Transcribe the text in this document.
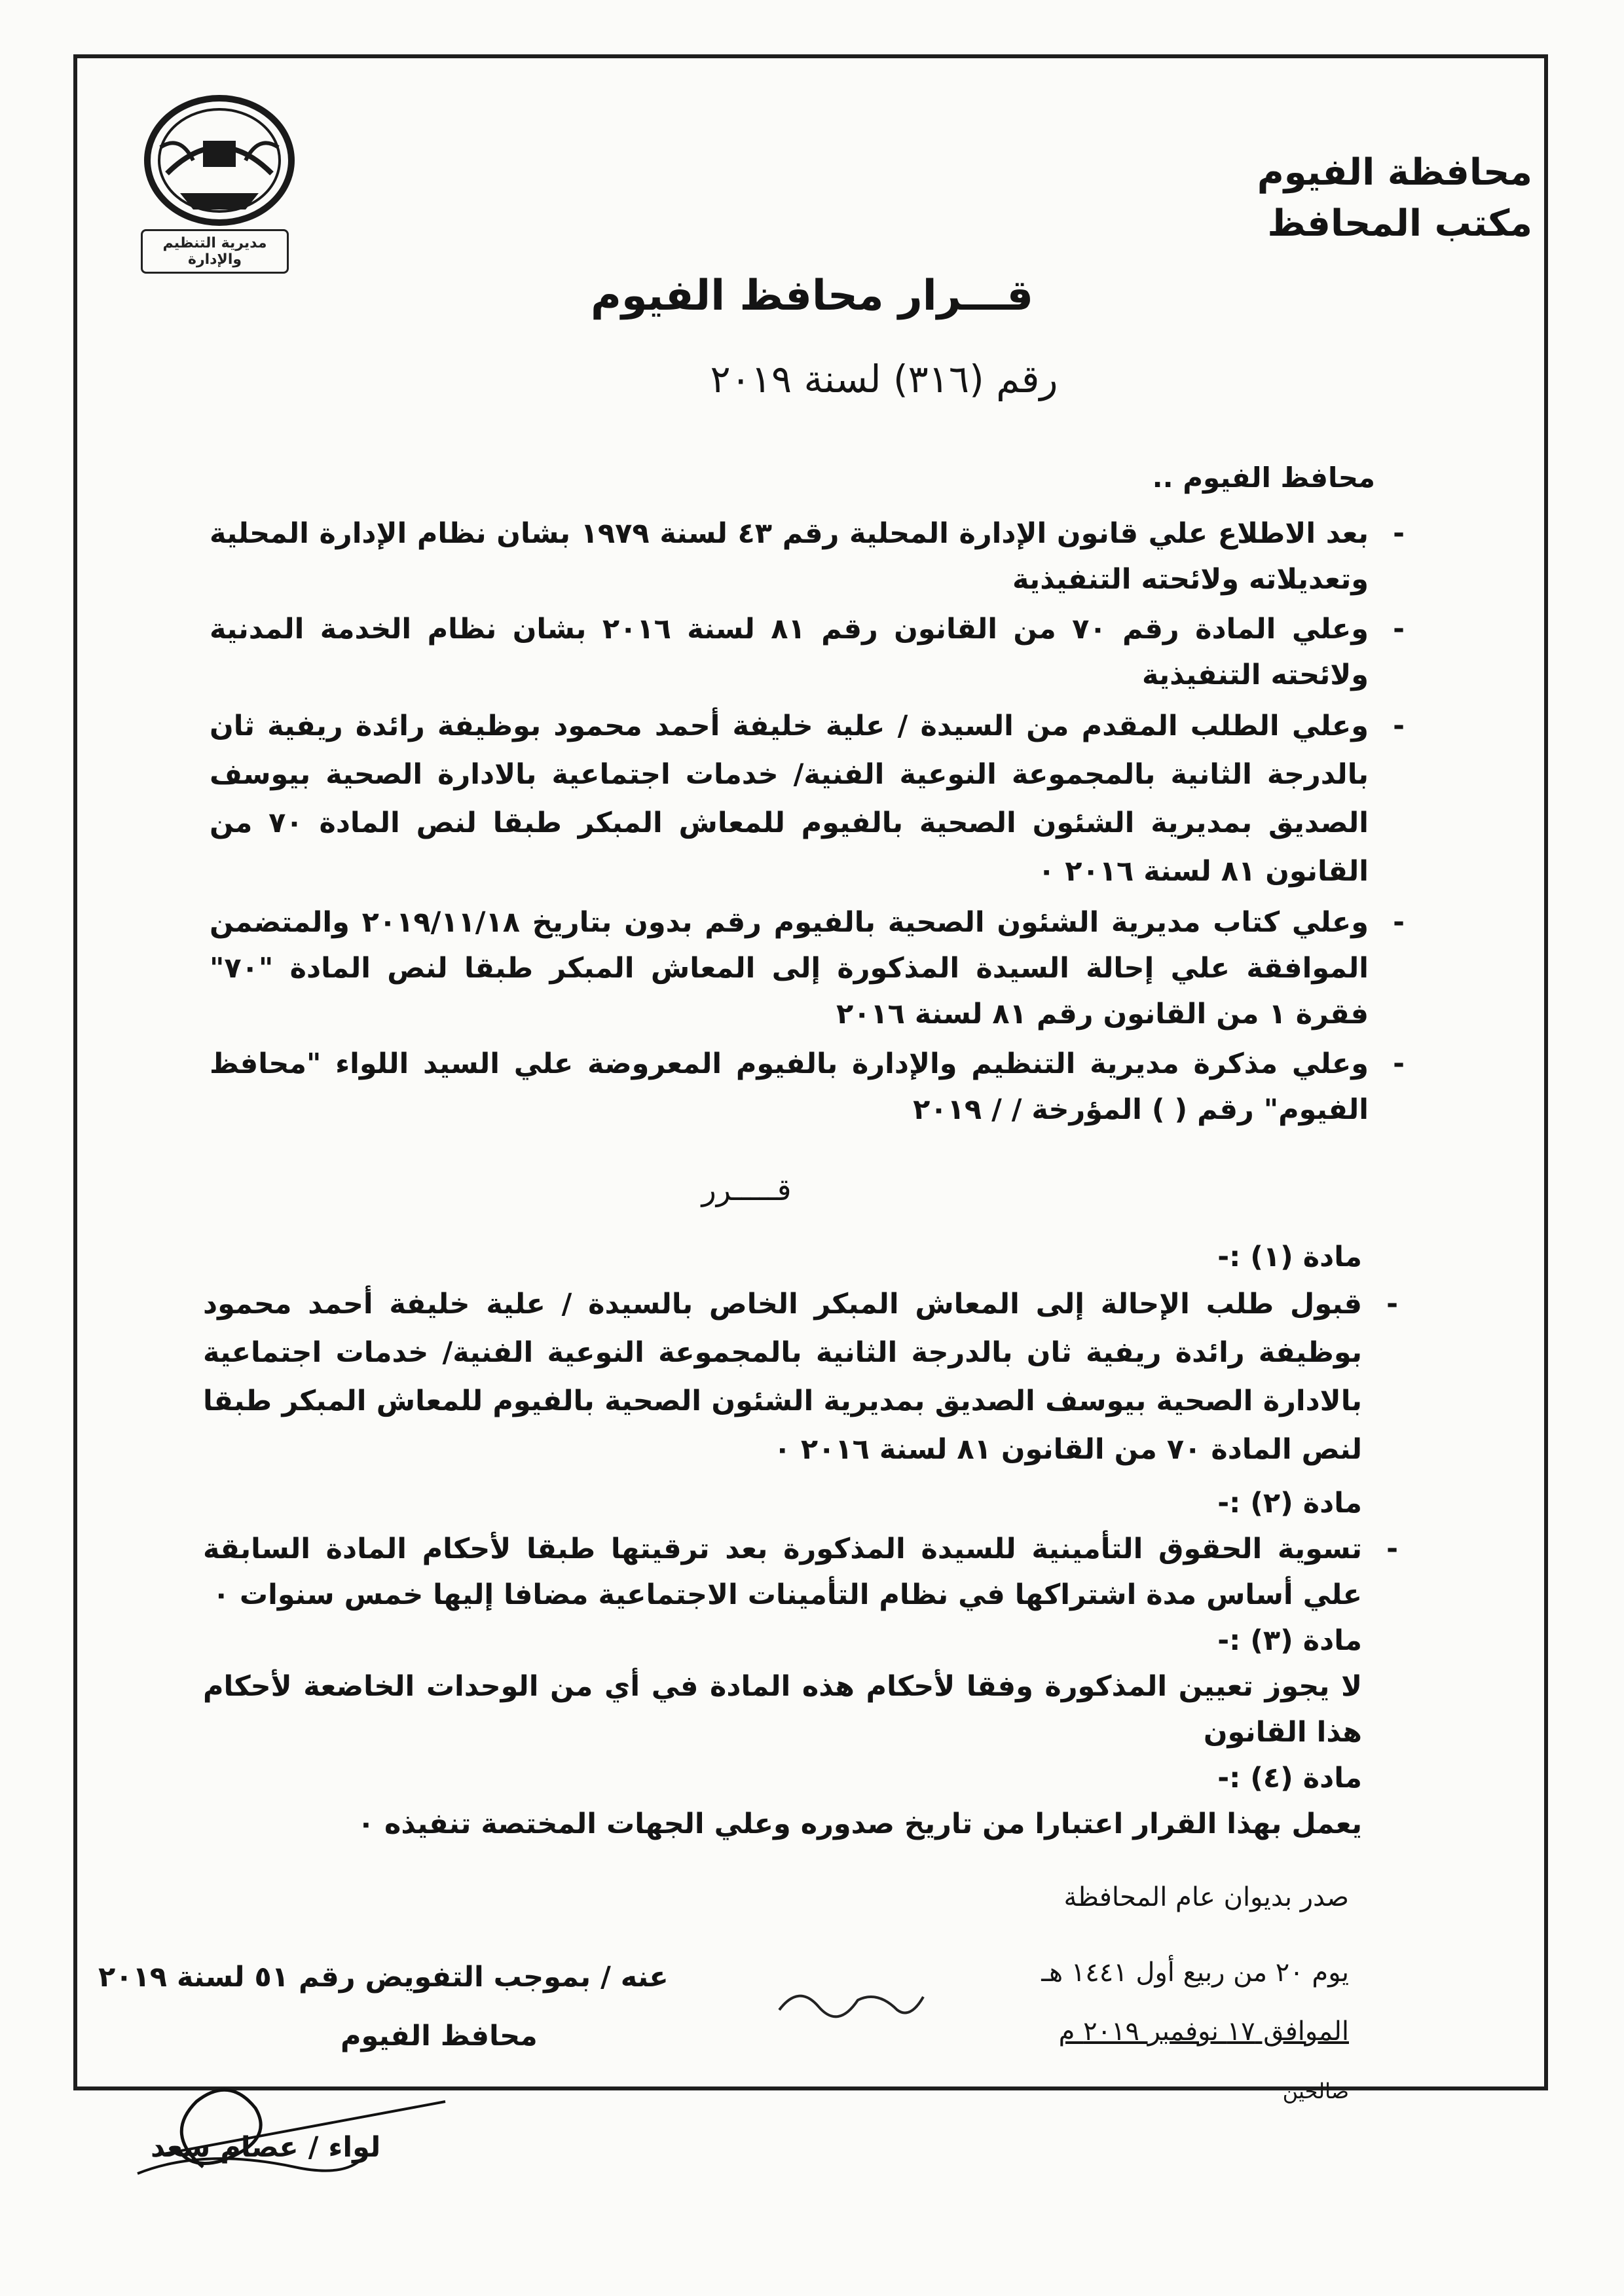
مديرية التنظيم والإدارة
محافظة الفيوم
مكتب المحافظ
قـــرار محافظ الفيوم
رقم (٣١٦) لسنة ٢٠١٩
محافظ الفيوم ..
-
بعد الاطلاع علي قانون الإدارة المحلية رقم ٤٣ لسنة ١٩٧٩ بشان نظام الإدارة المحلية وتعديلاته ولائحته التنفيذية
-
وعلي المادة رقم ٧٠ من القانون رقم ٨١ لسنة ٢٠١٦ بشان نظام الخدمة المدنية ولائحته التنفيذية
-
وعلي الطلب المقدم من السيدة / علية خليفة أحمد محمود بوظيفة رائدة ريفية ثان بالدرجة الثانية بالمجموعة النوعية الفنية/ خدمات اجتماعية بالادارة الصحية بيوسف الصديق بمديرية الشئون الصحية بالفيوم للمعاش المبكر طبقا لنص المادة ٧٠ من القانون ٨١ لسنة ٢٠١٦ ٠
-
وعلي كتاب مديرية الشئون الصحية بالفيوم رقم بدون بتاريخ ٢٠١٩/١١/١٨ والمتضمن الموافقة علي إحالة السيدة المذكورة إلى المعاش المبكر طبقا لنص المادة "٧٠" فقرة ١ من القانون رقم ٨١ لسنة ٢٠١٦
-
وعلي مذكرة مديرية التنظيم والإدارة بالفيوم المعروضة علي السيد اللواء "محافظ الفيوم" رقم ( ) المؤرخة / / ٢٠١٩
قـــــرر
مادة (١) :-
-
قبول طلب الإحالة إلى المعاش المبكر الخاص بالسيدة / علية خليفة أحمد محمود بوظيفة رائدة ريفية ثان بالدرجة الثانية بالمجموعة النوعية الفنية/ خدمات اجتماعية بالادارة الصحية بيوسف الصديق بمديرية الشئون الصحية بالفيوم للمعاش المبكر طبقا لنص المادة ٧٠ من القانون ٨١ لسنة ٢٠١٦ ٠
مادة (٢) :-
-
تسوية الحقوق التأمينية للسيدة المذكورة بعد ترقيتها طبقا لأحكام المادة السابقة علي أساس مدة اشتراكها في نظام التأمينات الاجتماعية مضافا إليها خمس سنوات ٠
مادة (٣) :-
لا يجوز تعيين المذكورة وفقا لأحكام هذه المادة في أي من الوحدات الخاضعة لأحكام هذا القانون
مادة (٤) :-
يعمل بهذا القرار اعتبارا من تاريخ صدوره وعلي الجهات المختصة تنفيذه ٠
صدر بديوان عام المحافظة
يوم ٢٠ من ربيع أول ١٤٤١ هـ
الموافق ١٧ نوفمبر ٢٠١٩ م
صالحين
عنه / بموجب التفويض رقم ٥١ لسنة ٢٠١٩
محافظ الفيوم
لواء / عصام سعد
